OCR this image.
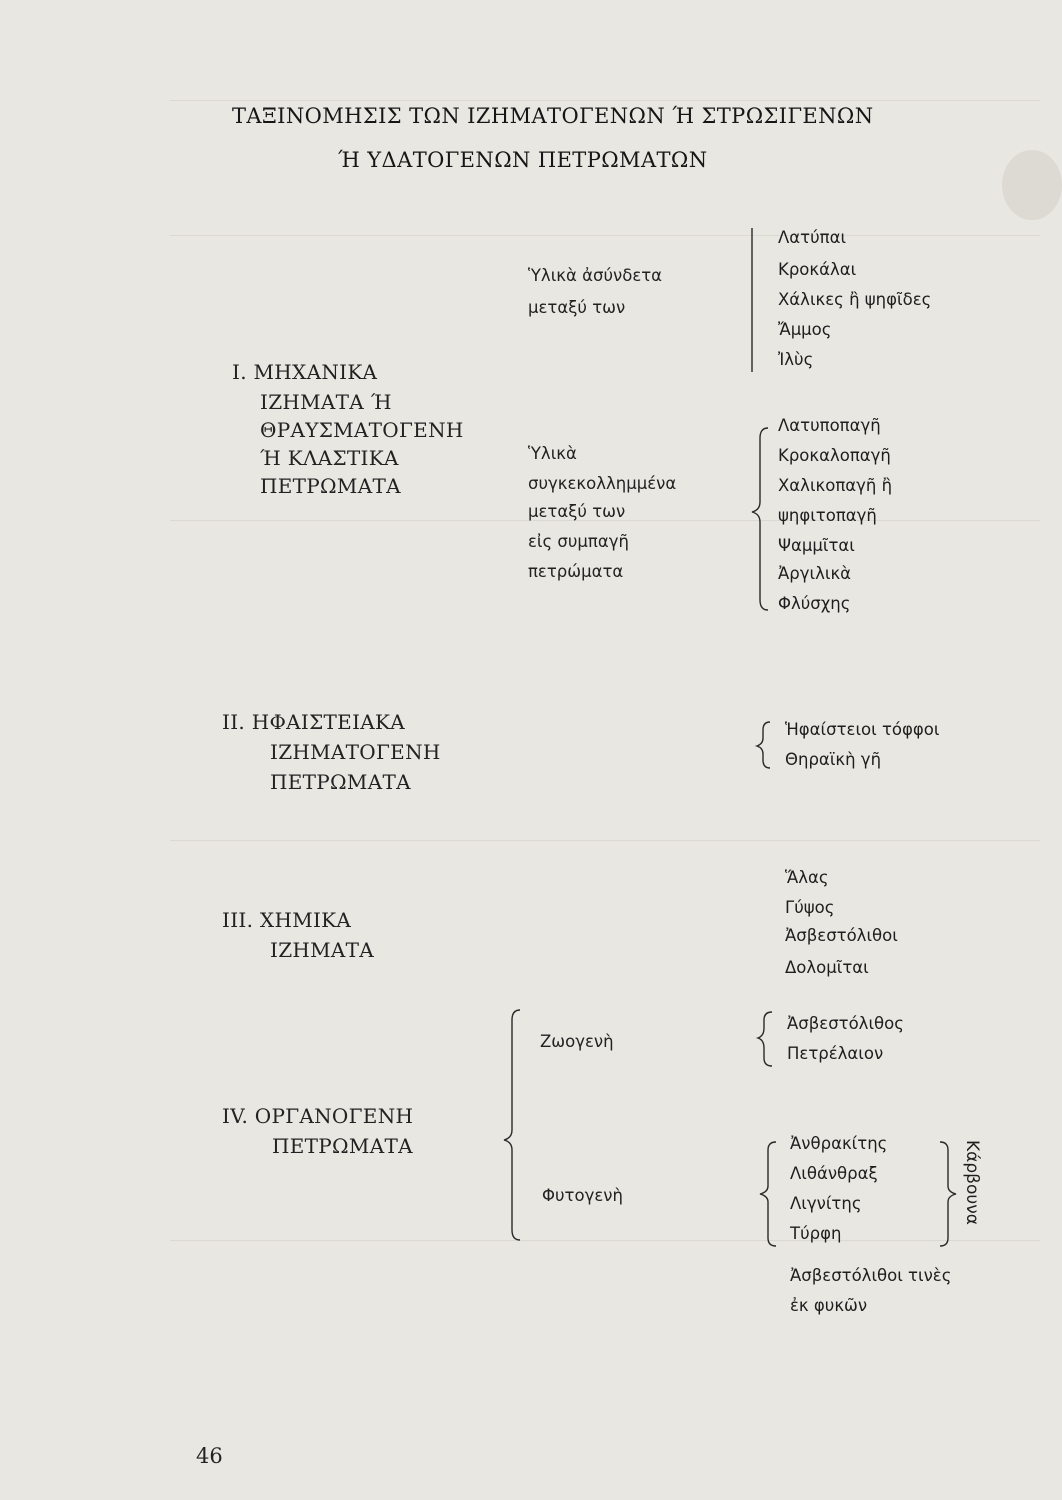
ΤΑΞΙΝΟΜΗΣΙΣ ΤΩΝ ΙΖΗΜΑΤΟΓΕΝΩΝ Ή ΣΤΡΩΣΙΓΕΝΩΝ
Ή ΥΔΑΤΟΓΕΝΩΝ ΠΕΤΡΩΜΑΤΩΝ
Ι. ΜΗΧΑΝΙΚΑ
ΙΖΗΜΑΤΑ Ή
ΘΡΑΥΣΜΑΤΟΓΕΝΗ
Ή ΚΛΑΣΤΙΚΑ
ΠΕΤΡΩΜΑΤΑ
Ὑλικὰ ἀσύνδετα
μεταξύ των
Λατύπαι
Κροκάλαι
Χάλικες ἢ ψηφῖδες
Ἄμμος
Ἰλὺς
Ὑλικὰ
συγκεκολλημμένα
μεταξύ των
εἰς συμπαγῆ
πετρώματα
Λατυποπαγῆ
Κροκαλοπαγῆ
Χαλικοπαγῆ ἢ
ψηφιτοπαγῆ
Ψαμμῖται
Ἀργιλικὰ
Φλύσχης
ΙΙ. ΗΦΑΙΣΤΕΙΑΚΑ
ΙΖΗΜΑΤΟΓΕΝΗ
ΠΕΤΡΩΜΑΤΑ
Ἡφαίστειοι τόφφοι
Θηραϊκὴ γῆ
ΙΙΙ. ΧΗΜΙΚΑ
ΙΖΗΜΑΤΑ
Ἅλας
Γύψος
Ἀσβεστόλιθοι
Δολομῖται
ΙV. ΟΡΓΑΝΟΓΕΝΗ
ΠΕΤΡΩΜΑΤΑ
Ζωογενὴ
Ἀσβεστόλιθος
Πετρέλαιον
Φυτογενὴ
Ἀνθρακίτης
Λιθάνθραξ
Λιγνίτης
Τύρφη
Κάρβουνα
Ἀσβεστόλιθοι τινὲς
ἐκ φυκῶν
46
